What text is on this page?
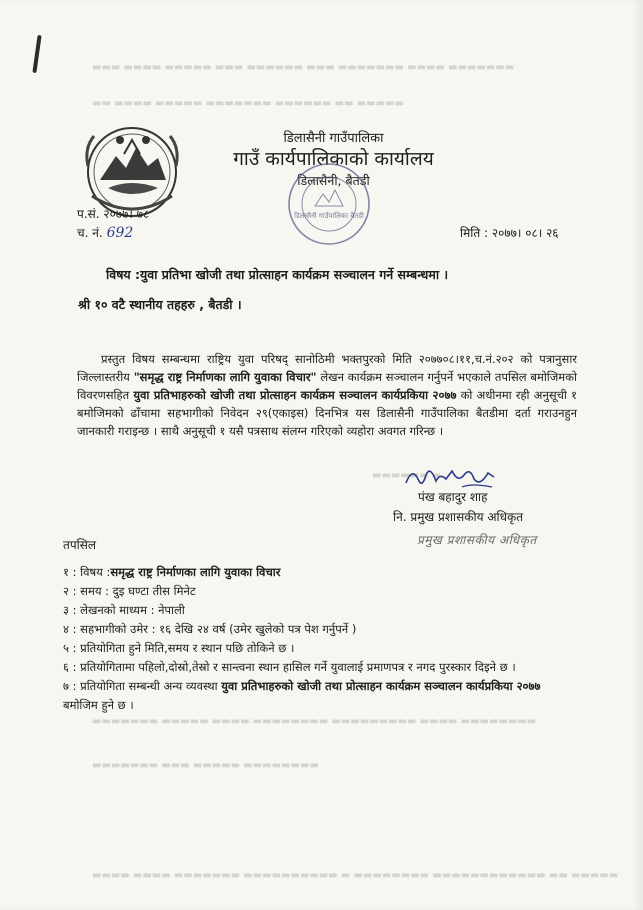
▬▬▬ ▬▬▬▬ ▬▬▬▬▬ ▬▬▬ ▬▬▬▬▬▬ ▬▬▬ ▬▬▬▬▬▬▬ ▬▬▬▬ ▬▬▬▬▬▬▬
▬▬ ▬▬▬▬ ▬▬▬▬▬ ▬▬▬▬▬▬▬ ▬▬▬▬▬▬ ▬▬ ▬▬▬▬▬
▬▬▬▬▬▬ ▬
▬▬▬▬▬▬▬ ▬▬▬▬▬ ▬▬▬▬ ▬▬▬▬▬▬▬▬ ▬▬▬▬▬▬▬▬▬ ▬▬▬▬ ▬▬▬▬▬▬▬▬
▬▬▬▬▬▬▬ ▬▬▬ ▬▬▬▬▬ ▬▬▬▬▬▬▬▬
▬▬▬▬ ▬▬▬▬ ▬▬▬▬▬▬▬ ▬▬▬▬▬▬▬▬▬▬ ▬ ▬▬▬▬▬▬▬▬ ▬▬▬▬▬▬▬▬▬▬▬▬ ▬▬ ▬▬▬▬▬
डिलासैनी गाउँपालिका
गाउँ कार्यपालिकाको कार्यालय
डिलासैनी, बैतडी
डिलासैनी गाउँपालिका बैतडी
प.सं. २०७७। ७८
च. नं. 692	मिति : २०७७। ०८। २६
विषय :युवा प्रतिभा खोजी तथा प्रोत्साहन कार्यक्रम सञ्चालन गर्ने सम्बन्धमा ।
श्री १० वटै स्थानीय तहहरु , बैतडी ।
प्रस्तुत विषय सम्बन्धमा राष्ट्रिय युवा परिषद् सानोठिमी भक्तपुरको मिति २०७७०८।११,च.नं.२०२ को पत्रानुसार जिल्लास्तरीय "समृद्ध राष्ट्र निर्माणका लागि युवाका विचार" लेखन कार्यक्रम सञ्चालन गर्नुपर्ने भएकाले तपसिल बमोजिमको विवरणसहित युवा प्रतिभाहरुको खोजी तथा प्रोत्साहन कार्यक्रम सञ्चालन कार्यप्रकिया २०७७ को अधीनमा रही अनुसूची १ बमोजिमको ढाँचामा सहभागीको निवेदन २९(एकाइस) दिनभित्र यस डिलासैनी गाउँपालिका बैतडीमा दर्ता गराउनहुन जानकारी गराइन्छ । साथै अनुसूची १ यसै पत्रसाथ संलग्न गरिएको व्यहोरा अवगत गरिन्छ ।
पंख बहादुर शाह
नि. प्रमुख प्रशासकीय अधिकृत
प्रमुख प्रशासकीय अधिकृत
तपसिल

१ : विषय :समृद्ध राष्ट्र निर्माणका लागि युवाका विचार

२ : समय : दुइ घण्टा तीस मिनेट

३ : लेखनको माध्यम : नेपाली

४ : सहभागीको उमेर : १६ देखि २४ वर्ष (उमेर खुलेको पत्र पेश गर्नुपर्ने )

५ : प्रतियोगिता हुने मिति,समय र स्थान पछि तोकिने छ ।

६ : प्रतियोगितामा पहिलो,दोस्रो,तेस्रो र सान्त्वना स्थान हासिल गर्ने युवालाई प्रमाणपत्र र नगद पुरस्कार दिइने छ ।

७ : प्रतियोगिता सम्बन्धी अन्य व्यवस्था युवा प्रतिभाहरुको खोजी तथा प्रोत्साहन कार्यक्रम सञ्चालन कार्यप्रकिया २०७७ बमोजिम हुने छ ।
